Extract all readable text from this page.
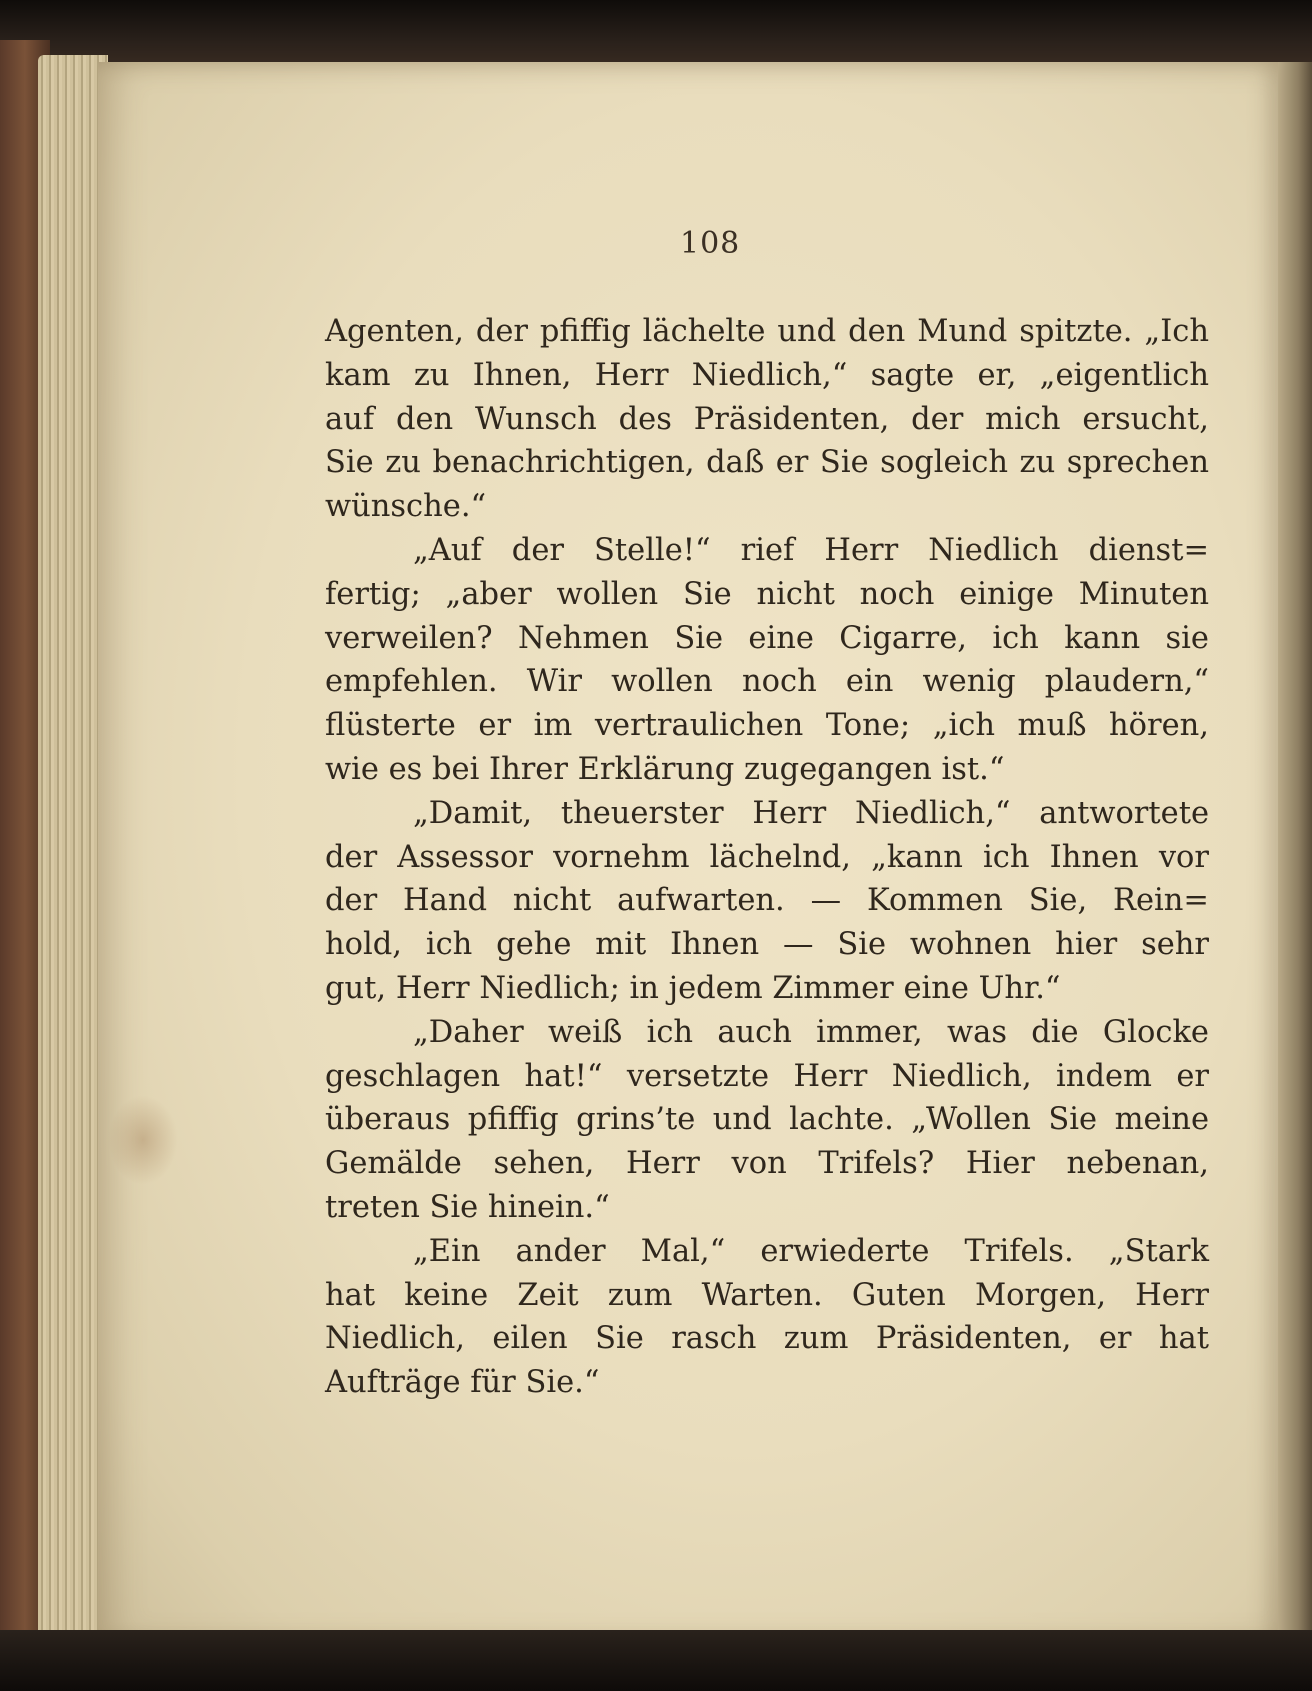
108
Agenten, der pfiffig lächelte und den Mund spitzte. „Ich
kam zu Ihnen, Herr Niedlich,“ sagte er, „eigentlich
auf den Wunsch des Präsidenten, der mich ersucht,
Sie zu benachrichtigen, daß er Sie sogleich zu sprechen
wünsche.“
„Auf der Stelle!“ rief Herr Niedlich dienst=
fertig; „aber wollen Sie nicht noch einige Minuten
verweilen? Nehmen Sie eine Cigarre, ich kann sie
empfehlen. Wir wollen noch ein wenig plaudern,“
flüsterte er im vertraulichen Tone; „ich muß hören,
wie es bei Ihrer Erklärung zugegangen ist.“
„Damit, theuerster Herr Niedlich,“ antwortete
der Assessor vornehm lächelnd, „kann ich Ihnen vor
der Hand nicht aufwarten. — Kommen Sie, Rein=
hold, ich gehe mit Ihnen — Sie wohnen hier sehr
gut, Herr Niedlich; in jedem Zimmer eine Uhr.“
„Daher weiß ich auch immer, was die Glocke
geschlagen hat!“ versetzte Herr Niedlich, indem er
überaus pfiffig grins’te und lachte. „Wollen Sie meine
Gemälde sehen, Herr von Trifels? Hier nebenan,
treten Sie hinein.“
„Ein ander Mal,“ erwiederte Trifels. „Stark
hat keine Zeit zum Warten. Guten Morgen, Herr
Niedlich, eilen Sie rasch zum Präsidenten, er hat
Aufträge für Sie.“
